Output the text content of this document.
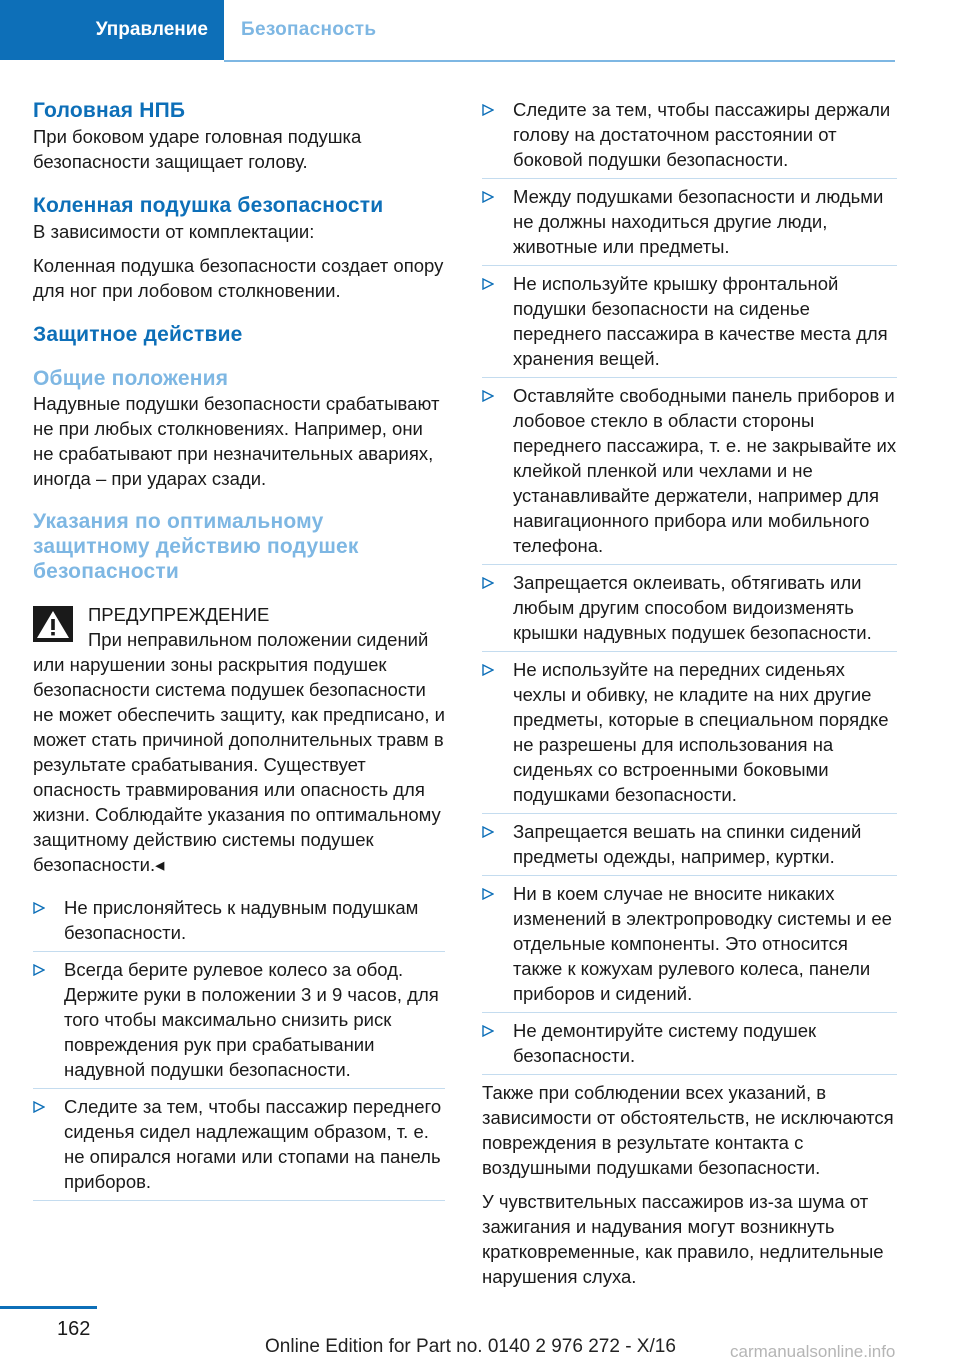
Управление	Безопасность
Головная НПБ

При боковом ударе головная подушка безопасности защищает голову.

Коленная подушка безопасности

В зависимости от комплектации:

Коленная подушка безопасности создает опору для ног при лобовом столкновении.

Защитное действие
Общие положения

Надувные подушки безопасности срабатывают не при любых столкновениях. Например, они не срабатывают при незначительных авариях, иногда – при ударах сзади.

Указания по оптимальному защитному действию подушек безопасности

ПРЕДУПРЕЖДЕНИЕ

При неправильном положении сидений

или нарушении зоны раскрытия подушек безопасности система подушек безопасности не может обеспечить защиту, как предписано, и может стать причиной дополнительных травм в результате срабатывания. Существует опасность травмирования или опасность для жизни. Соблюдайте указания по оптимальному защитному действию системы подушек безопасности.◂

Не прислоняйтесь к надувным подушкам безопасности.
Всегда берите рулевое колесо за обод. Держите руки в положении 3 и 9 часов, для того чтобы максимально снизить риск повреждения рук при срабатывании надувной подушки безопасности.
Следите за тем, чтобы пассажир переднего сиденья сидел надлежащим образом, т. е. не опирался ногами или стопами на панель приборов.
Следите за тем, чтобы пассажиры держали голову на достаточном расстоянии от боковой подушки безопасности.
Между подушками безопасности и людьми не должны находиться другие люди, животные или предметы.
Не используйте крышку фронтальной подушки безопасности на сиденье переднего пассажира в качестве места для хранения вещей.
Оставляйте свободными панель приборов и лобовое стекло в области стороны переднего пассажира, т. е. не закрывайте их клейкой пленкой или чехлами и не устанавливайте держатели, например для навигационного прибора или мобильного телефона.
Запрещается оклеивать, обтягивать или любым другим способом видоизменять крышки надувных подушек безопасности.
Не используйте на передних сиденьях чехлы и обивку, не кладите на них другие предметы, которые в специальном порядке не разрешены для использования на сиденьях со встроенными боковыми подушками безопасности.
Запрещается вешать на спинки сидений предметы одежды, например, куртки.
Ни в коем случае не вносите никаких изменений в электропроводку системы и ее отдельные компоненты. Это относится также к кожухам рулевого колеса, панели приборов и сидений.
Не демонтируйте систему подушек безопасности.

Также при соблюдении всех указаний, в зависимости от обстоятельств, не исключаются повреждения в результате контакта с воздушными подушками безопасности.

У чувствительных пассажиров из-за шума от зажигания и надувания могут возникнуть кратковременные, как правило, недлительные нарушения слуха.

162
Online Edition for Part no. 0140 2 976 272 - X/16	carmanualsonline.info
